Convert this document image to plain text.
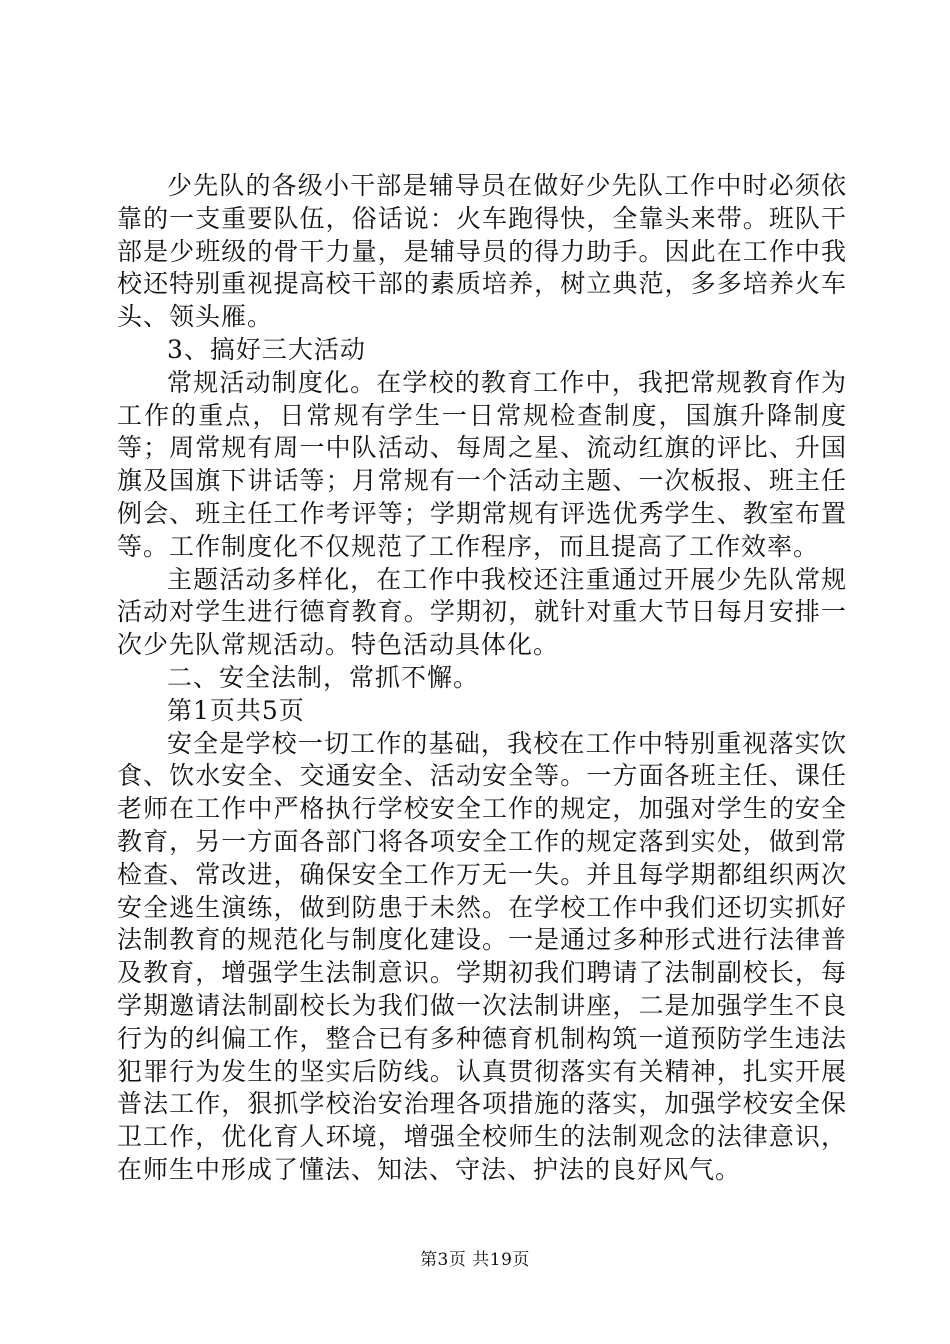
少先队的各级小干部是辅导员在做好少先队工作中时必须依靠的一支重要队伍，俗话说：火车跑得快，全靠头来带。班队干部是少班级的骨干力量，是辅导员的得力助手。因此在工作中我校还特别重视提高校干部的素质培养，树立典范，多多培养火车头、领头雁。

3、搞好三大活动

常规活动制度化。在学校的教育工作中，我把常规教育作为工作的重点，日常规有学生一日常规检查制度，国旗升降制度等；周常规有周一中队活动、每周之星、流动红旗的评比、升国旗及国旗下讲话等；月常规有一个活动主题、一次板报、班主任例会、班主任工作考评等；学期常规有评选优秀学生、教室布置等。工作制度化不仅规范了工作程序，而且提高了工作效率。

主题活动多样化，在工作中我校还注重通过开展少先队常规活动对学生进行德育教育。学期初，就针对重大节日每月安排一次少先队常规活动。特色活动具体化。

二、安全法制，常抓不懈。

第1页共5页

安全是学校一切工作的基础，我校在工作中特别重视落实饮食、饮水安全、交通安全、活动安全等。一方面各班主任、课任老师在工作中严格执行学校安全工作的规定，加强对学生的安全教育，另一方面各部门将各项安全工作的规定落到实处，做到常检查、常改进，确保安全工作万无一失。并且每学期都组织两次安全逃生演练，做到防患于未然。在学校工作中我们还切实抓好法制教育的规范化与制度化建设。一是通过多种形式进行法律普及教育，增强学生法制意识。学期初我们聘请了法制副校长，每学期邀请法制副校长为我们做一次法制讲座，二是加强学生不良行为的纠偏工作，整合已有多种德育机制构筑一道预防学生违法犯罪行为发生的坚实后防线。认真贯彻落实有关精神，扎实开展普法工作，狠抓学校治安治理各项措施的落实，加强学校安全保卫工作，优化育人环境，增强全校师生的法制观念的法律意识，在师生中形成了懂法、知法、守法、护法的良好风气。

第3页 共19页
